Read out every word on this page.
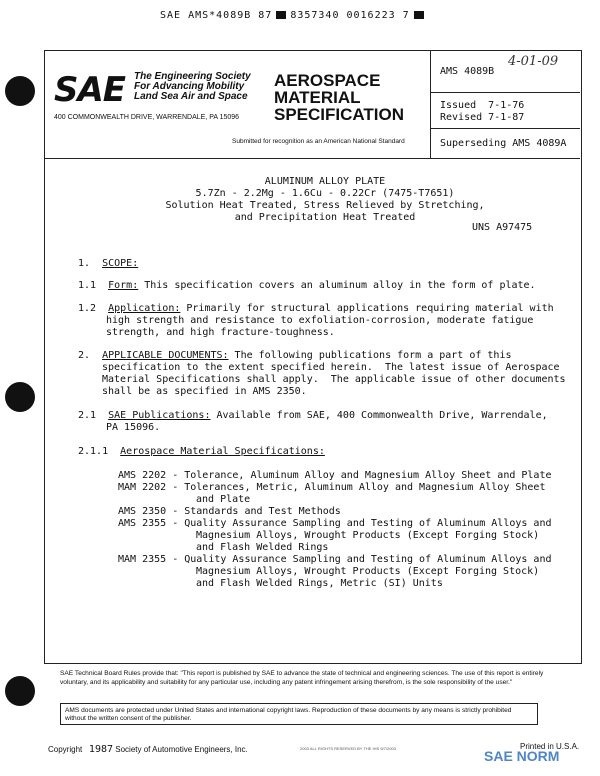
SAE AMS*4089B 87 8357340 0016223 7
SAE The Engineering Society
For Advancing Mobility
Land Sea Air and Space
400 COMMONWEALTH DRIVE, WARRENDALE, PA 15096
AEROSPACE
MATERIAL
SPECIFICATION
Submitted for recognition as an American National Standard
AMS 4089B
4-01-09
Issued  7-1-76
Revised 7-1-87
Superseding AMS 4089A
ALUMINUM ALLOY PLATE
5.7Zn - 2.2Mg - 1.6Cu - 0.22Cr (7475-T7651)
Solution Heat Treated, Stress Relieved by Stretching,
and Precipitation Heat Treated
UNS A97475
1. SCOPE:
1.1 Form: This specification covers an aluminum alloy in the form of plate.
1.2 Application: Primarily for structural applications requiring material with
high strength and resistance to exfoliation-corrosion, moderate fatigue
strength, and high fracture-toughness.
2. APPLICABLE DOCUMENTS: The following publications form a part of this
specification to the extent specified herein.  The latest issue of Aerospace
Material Specifications shall apply.  The applicable issue of other documents
shall be as specified in AMS 2350.
2.1 SAE Publications: Available from SAE, 400 Commonwealth Drive, Warrendale,
PA 15096.
2.1.1 Aerospace Material Specifications:
AMS 2202 - Tolerance, Aluminum Alloy and Magnesium Alloy Sheet and Plate
MAM 2202 - Tolerances, Metric, Aluminum Alloy and Magnesium Alloy Sheet
and Plate
AMS 2350 - Standards and Test Methods
AMS 2355 - Quality Assurance Sampling and Testing of Aluminum Alloys and
Magnesium Alloys, Wrought Products (Except Forging Stock)
and Flash Welded Rings
MAM 2355 - Quality Assurance Sampling and Testing of Aluminum Alloys and
Magnesium Alloys, Wrought Products (Except Forging Stock)
and Flash Welded Rings, Metric (SI) Units
SAE Technical Board Rules provide that: "This report is published by SAE to advance the state of technical and engineering sciences. The use of this report is entirely voluntary, and its applicability and suitability for any particular use, including any patent infringement arising therefrom, is the sole responsibility of the user."
AMS documents are protected under United States and international copyright laws. Reproduction of these documents by any means is strictly prohibited without the written consent of the publisher.
Copyright 1987 Society of Automotive Engineers, Inc.	2003 ALL RIGHTS RESERVED BY THE IHS 9/7/2003	SAE NORM
Printed in U.S.A.
